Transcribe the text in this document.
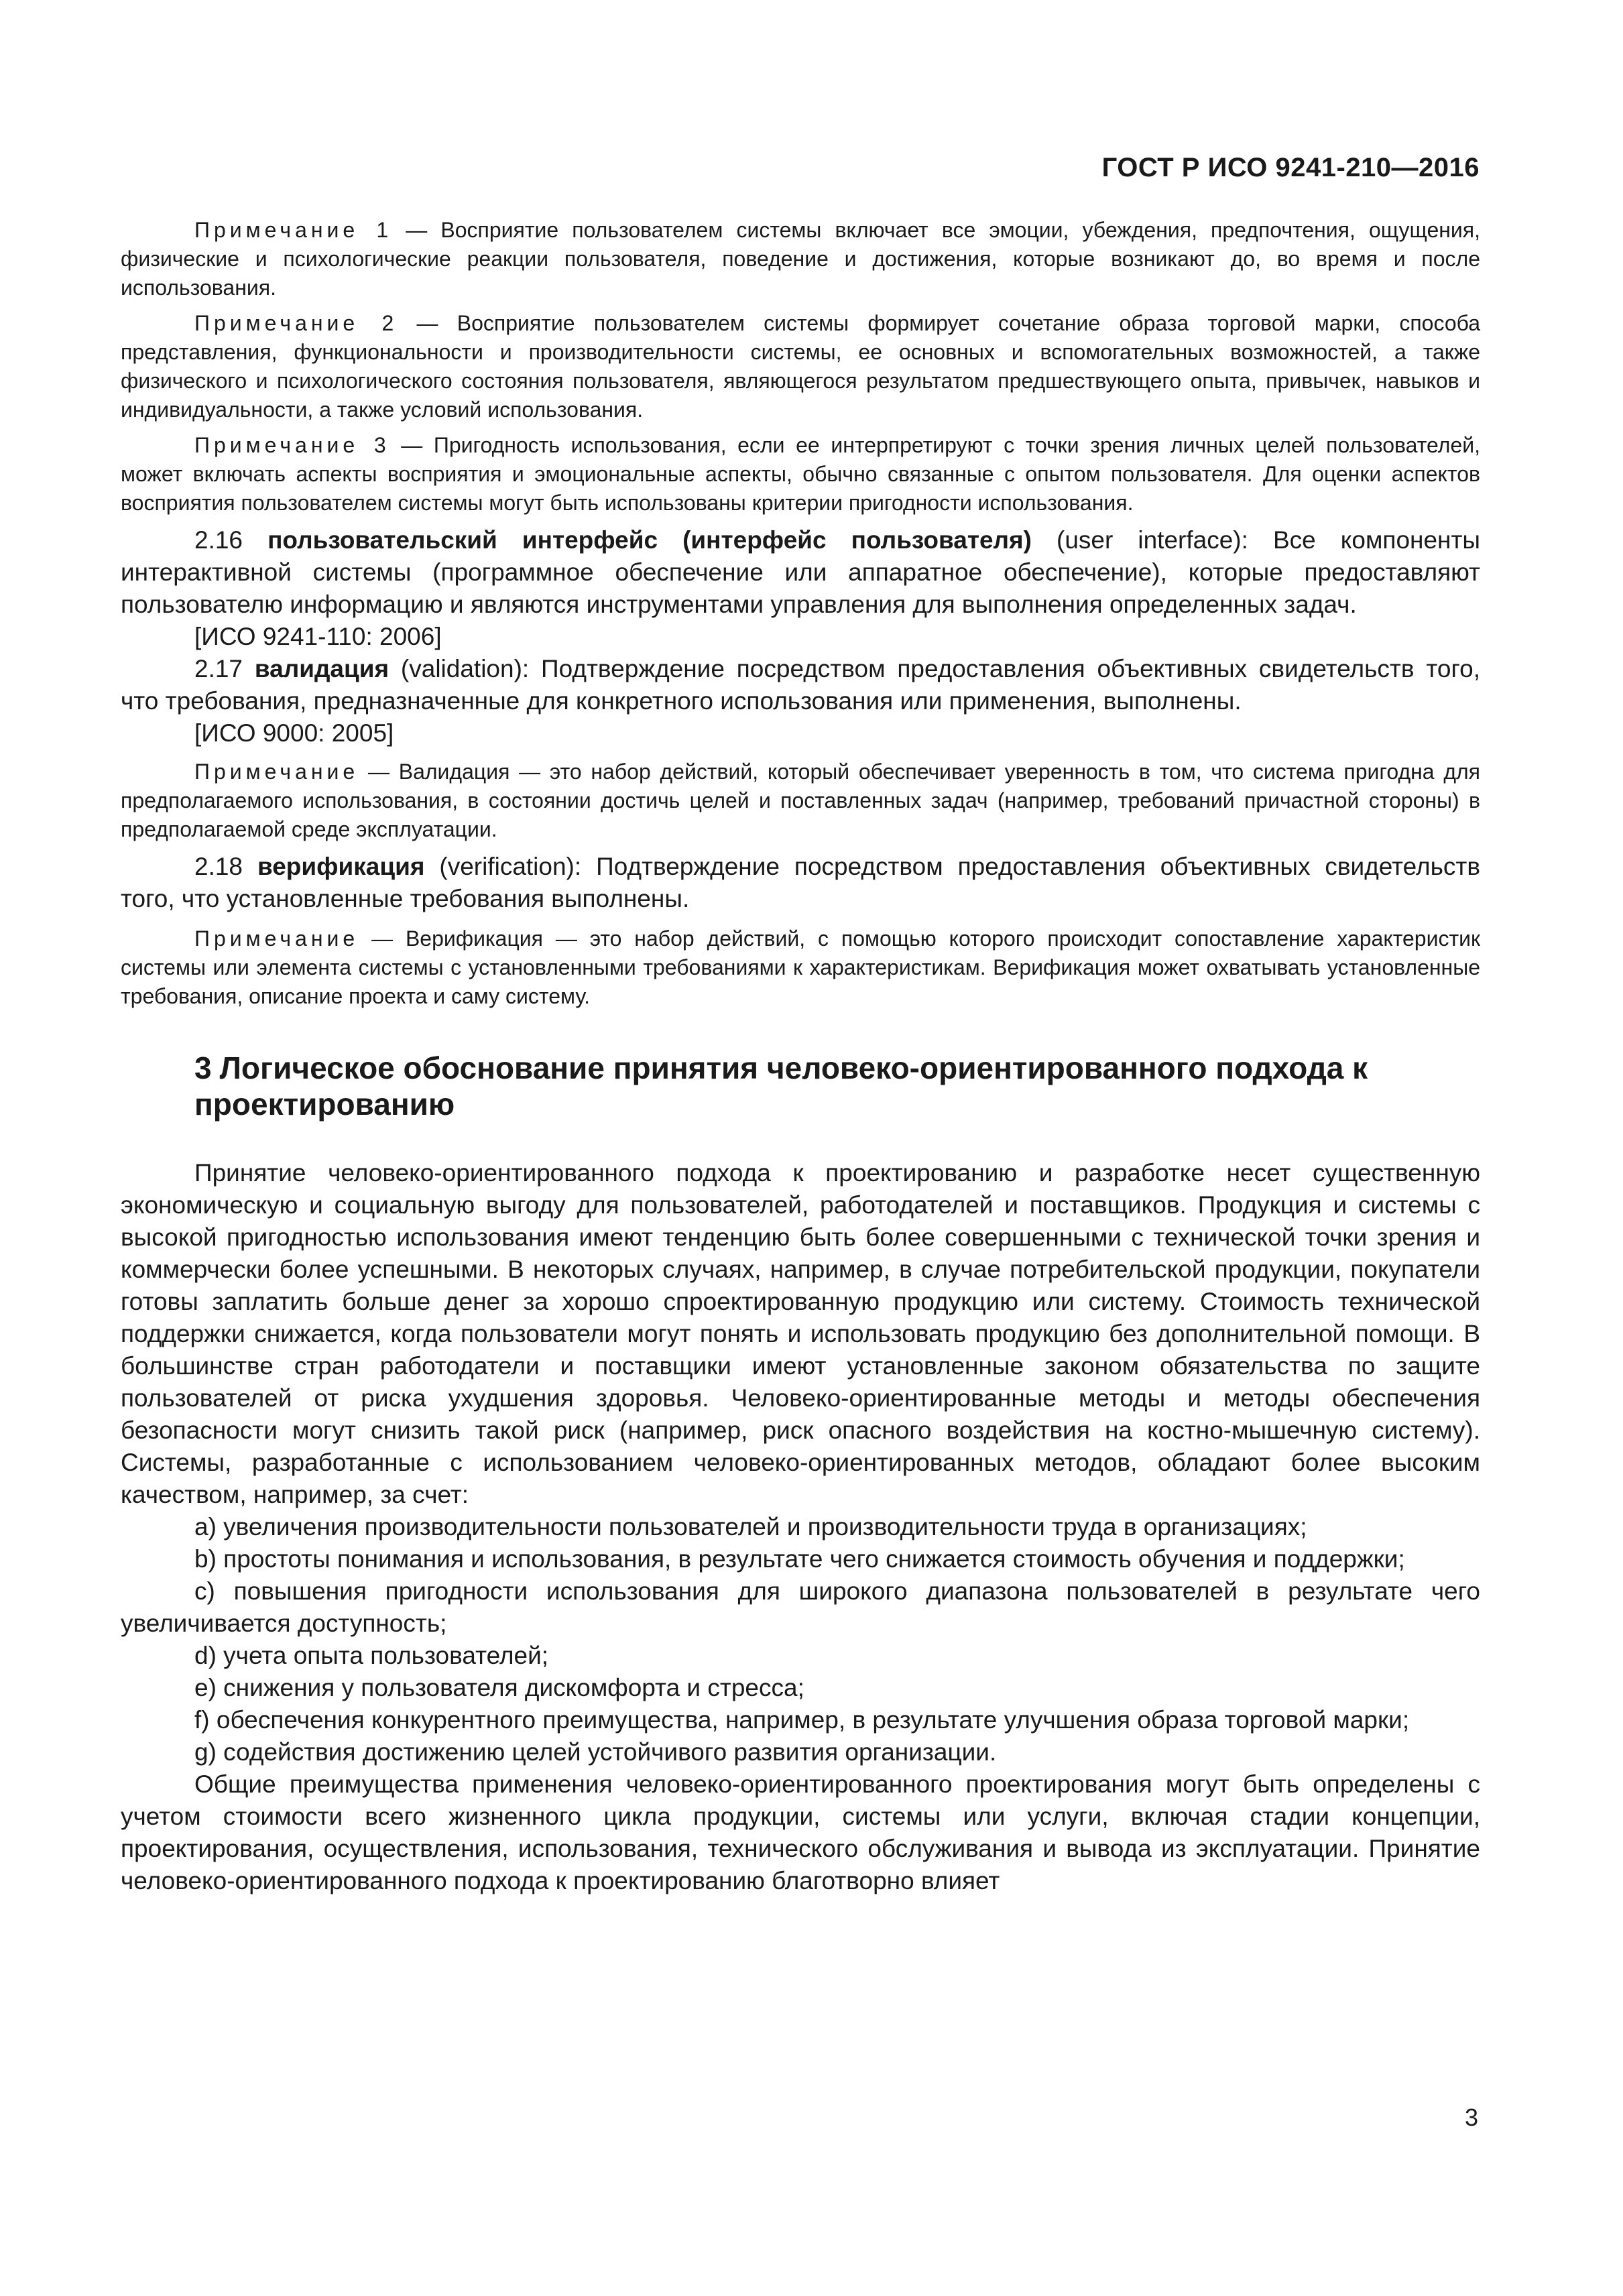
ГОСТ Р ИСО 9241-210—2016

Примечание 1 — Восприятие пользователем системы включает все эмоции, убеждения, предпочтения, ощущения, физические и психологические реакции пользователя, поведение и достижения, которые возникают до, во время и после использования.

Примечание 2 — Восприятие пользователем системы формирует сочетание образа торговой марки, способа представления, функциональности и производительности системы, ее основных и вспомогательных возможностей, а также физического и психологического состояния пользователя, являющегося результатом предшествующего опыта, привычек, навыков и индивидуальности, а также условий использования.

Примечание 3 — Пригодность использования, если ее интерпретируют с точки зрения личных целей пользователей, может включать аспекты восприятия и эмоциональные аспекты, обычно связанные с опытом пользователя. Для оценки аспектов восприятия пользователем системы могут быть использованы критерии пригодности использования.

2.16 пользовательский интерфейс (интерфейс пользователя) (user interface): Все компоненты интерактивной системы (программное обеспечение или аппаратное обеспечение), которые предоставляют пользователю информацию и являются инструментами управления для выполнения определенных задач.

[ИСО 9241-110: 2006]

2.17 валидация (validation): Подтверждение посредством предоставления объективных свидетельств того, что требования, предназначенные для конкретного использования или применения, выполнены.

[ИСО 9000: 2005]

Примечание — Валидация — это набор действий, который обеспечивает уверенность в том, что система пригодна для предполагаемого использования, в состоянии достичь целей и поставленных задач (например, требований причастной стороны) в предполагаемой среде эксплуатации.

2.18 верификация (verification): Подтверждение посредством предоставления объективных свидетельств того, что установленные требования выполнены.

Примечание — Верификация — это набор действий, с помощью которого происходит сопоставление характеристик системы или элемента системы с установленными требованиями к характеристикам. Верификация может охватывать установленные требования, описание проекта и саму систему.

3 Логическое обоснование принятия человеко-ориентированного подхода к проектированию

Принятие человеко-ориентированного подхода к проектированию и разработке несет существенную экономическую и социальную выгоду для пользователей, работодателей и поставщиков. Продукция и системы с высокой пригодностью использования имеют тенденцию быть более совершенными с технической точки зрения и коммерчески более успешными. В некоторых случаях, например, в случае потребительской продукции, покупатели готовы заплатить больше денег за хорошо спроектированную продукцию или систему. Стоимость технической поддержки снижается, когда пользователи могут понять и использовать продукцию без дополнительной помощи. В большинстве стран работодатели и поставщики имеют установленные законом обязательства по защите пользователей от риска ухудшения здоровья. Человеко-ориентированные методы и методы обеспечения безопасности могут снизить такой риск (например, риск опасного воздействия на костно-мышечную систему). Системы, разработанные с использованием человеко-ориентированных методов, обладают более высоким качеством, например, за счет:

a) увеличения производительности пользователей и производительности труда в организациях;

b) простоты понимания и использования, в результате чего снижается стоимость обучения и поддержки;

c) повышения пригодности использования для широкого диапазона пользователей в результате чего увеличивается доступность;

d) учета опыта пользователей;

e) снижения у пользователя дискомфорта и стресса;

f) обеспечения конкурентного преимущества, например, в результате улучшения образа торговой марки;

g) содействия достижению целей устойчивого развития организации.

Общие преимущества применения человеко-ориентированного проектирования могут быть определены с учетом стоимости всего жизненного цикла продукции, системы или услуги, включая стадии концепции, проектирования, осуществления, использования, технического обслуживания и вывода из эксплуатации. Принятие человеко-ориентированного подхода к проектированию благотворно влияет

3
